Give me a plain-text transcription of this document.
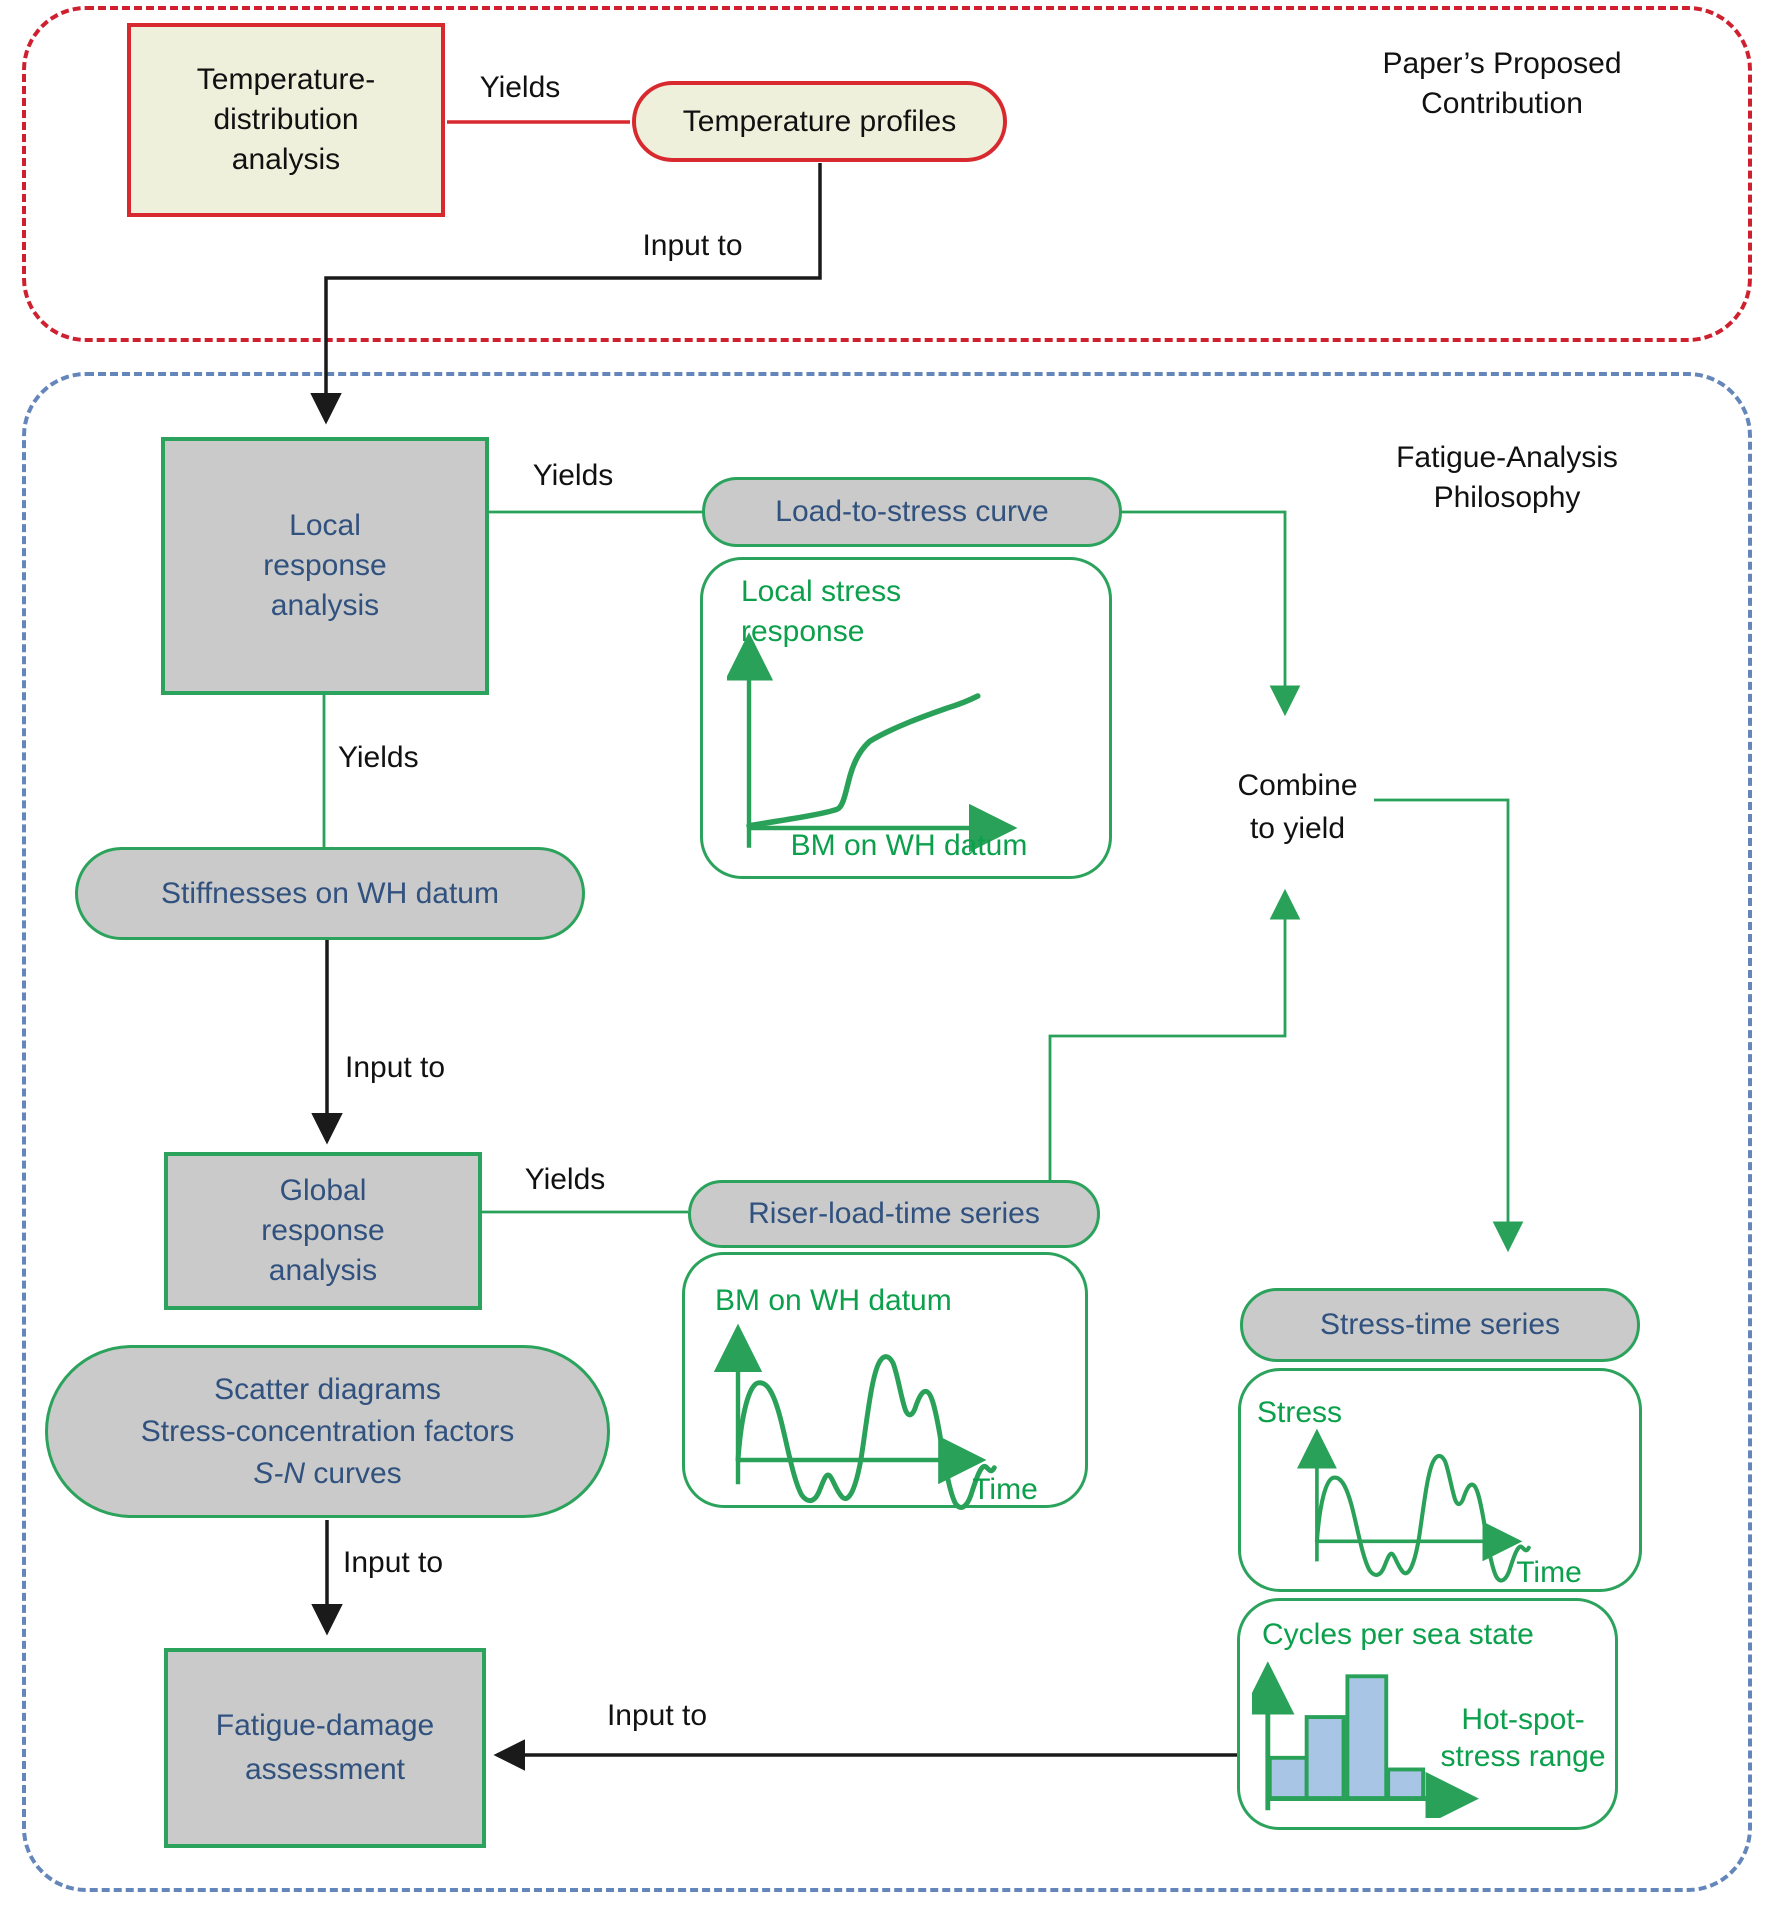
Paper’s Proposed
Contribution
Fatigue-Analysis
Philosophy
Temperature-
distribution
analysis
Yields
Temperature profiles
Input to
Local
response
analysis
Yields
Load-to-stress curve
Local stress
response
BM on WH datum
Yields
Stiffnesses on WH datum
Input to
Global
response
analysis
Yields
Riser-load-time series
BM on WH datum
Time
Combine
to yield
Stress-time series
Stress
Time
Cycles per sea state
Hot-spot-
stress range
Scatter diagrams
Stress-concentration factors
S-N curves
Input to
Fatigue-damage
assessment
Input to
